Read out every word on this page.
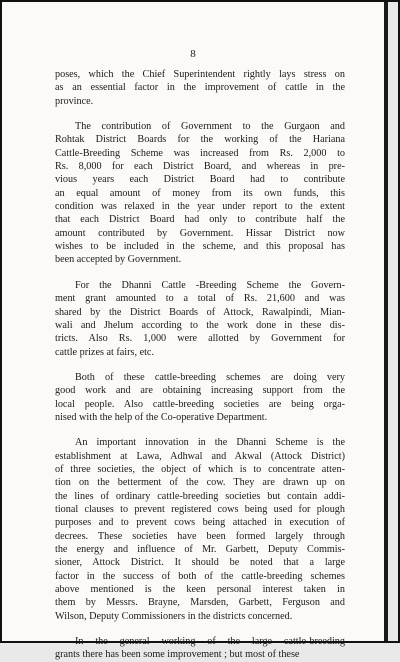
8
poses, which the Chief Superintendent rightly lays stress on
as an essential factor in the improvement of cattle in the
province.
The contribution of Government to the Gurgaon and
Rohtak District Boards for the working of the Hariana
Cattle-Breeding Scheme was increased from Rs. 2,000 to
Rs. 8,000 for each District Board, and whereas in pre-
vious years each District Board had to contribute
an equal amount of money from its own funds, this
condition was relaxed in the year under report to the extent
that each District Board had only to contribute half the
amount contributed by Government. Hissar District now
wishes to be included in the scheme, and this proposal has
been accepted by Government.
For the Dhanni Cattle -Breeding Scheme the Govern-
ment grant amounted to a total of Rs. 21,600 and was
shared by the District Boards of Attock, Rawalpindi, Mian-
wali and Jhelum according to the work done in these dis-
tricts. Also Rs. 1,000 were allotted by Government for
cattle prizes at fairs, etc.
Both of these cattle-breeding schemes are doing very
good work and are obtaining increasing support from the
local people. Also cattle-breeding societies are being orga-
nised with the help of the Co-operative Department.
An important innovation in the Dhanni Scheme is the
establishment at Lawa, Adhwal and Akwal (Attock District)
of three societies, the object of which is to concentrate atten-
tion on the betterment of the cow. They are drawn up on
the lines of ordinary cattle-breeding societies but contain addi-
tional clauses to prevent registered cows being used for plough
purposes and to prevent cows being attached in execution of
decrees. These societies have been formed largely through
the energy and influence of Mr. Garbett, Deputy Commis-
sioner, Attock District. It should be noted that a large
factor in the success of both of the cattle-breeding schemes
above mentioned is the keen personal interest taken in
them by Messrs. Brayne, Marsden, Garbett, Ferguson and
Wilson, Deputy Commissioners in the districts concerned.
In the general working of the large cattle-breeding
grants there has been some improvement ; but most of these
